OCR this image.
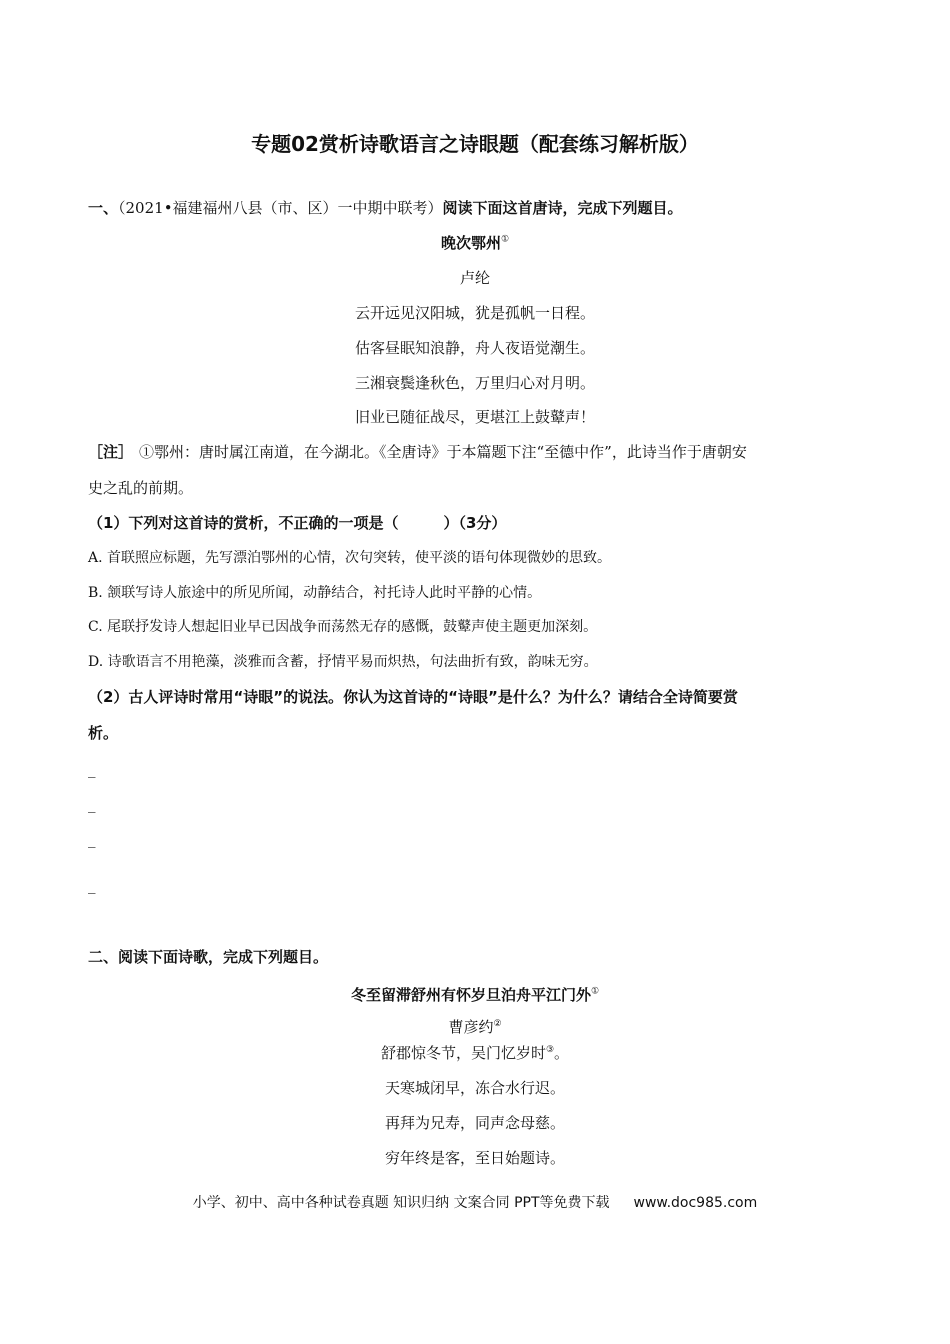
专题02赏析诗歌语言之诗眼题（配套练习解析版）
一、（2021•福建福州八县（市、区）一中期中联考）阅读下面这首唐诗，完成下列题目。
晚次鄂州①
卢纶
云开远见汉阳城，犹是孤帆一日程。
估客昼眠知浪静，舟人夜语觉潮生。
三湘衰鬓逢秋色，万里归心对月明。
旧业已随征战尽，更堪江上鼓鼙声！
［注］ ①鄂州：唐时属江南道，在今湖北。《全唐诗》于本篇题下注“至德中作”，此诗当作于唐朝安
史之乱的前期。
（1）下列对这首诗的赏析，不正确的一项是（　　　）（3分）
A. 首联照应标题，先写漂泊鄂州的心情，次句突转，使平淡的语句体现微妙的思致。
B. 颔联写诗人旅途中的所见所闻，动静结合，衬托诗人此时平静的心情。
C. 尾联抒发诗人想起旧业早已因战争而荡然无存的感慨，鼓鼙声使主题更加深刻。
D. 诗歌语言不用艳藻，淡雅而含蓄，抒情平易而炽热，句法曲折有致，韵味无穷。
（2）古人评诗时常用“诗眼”的说法。你认为这首诗的“诗眼”是什么？为什么？请结合全诗简要赏
析。
_
_
_
_
二、阅读下面诗歌，完成下列题目。
冬至留滞舒州有怀岁旦泊舟平江门外①
曹彦约②
舒郡惊冬节，吴门忆岁时③。
天寒城闭早，冻合水行迟。
再拜为兄寿，同声念母慈。
穷年终是客，至日始题诗。
小学、初中、高中各种试卷真题 知识归纳 文案合同 PPT等免费下载 www.doc985.com
